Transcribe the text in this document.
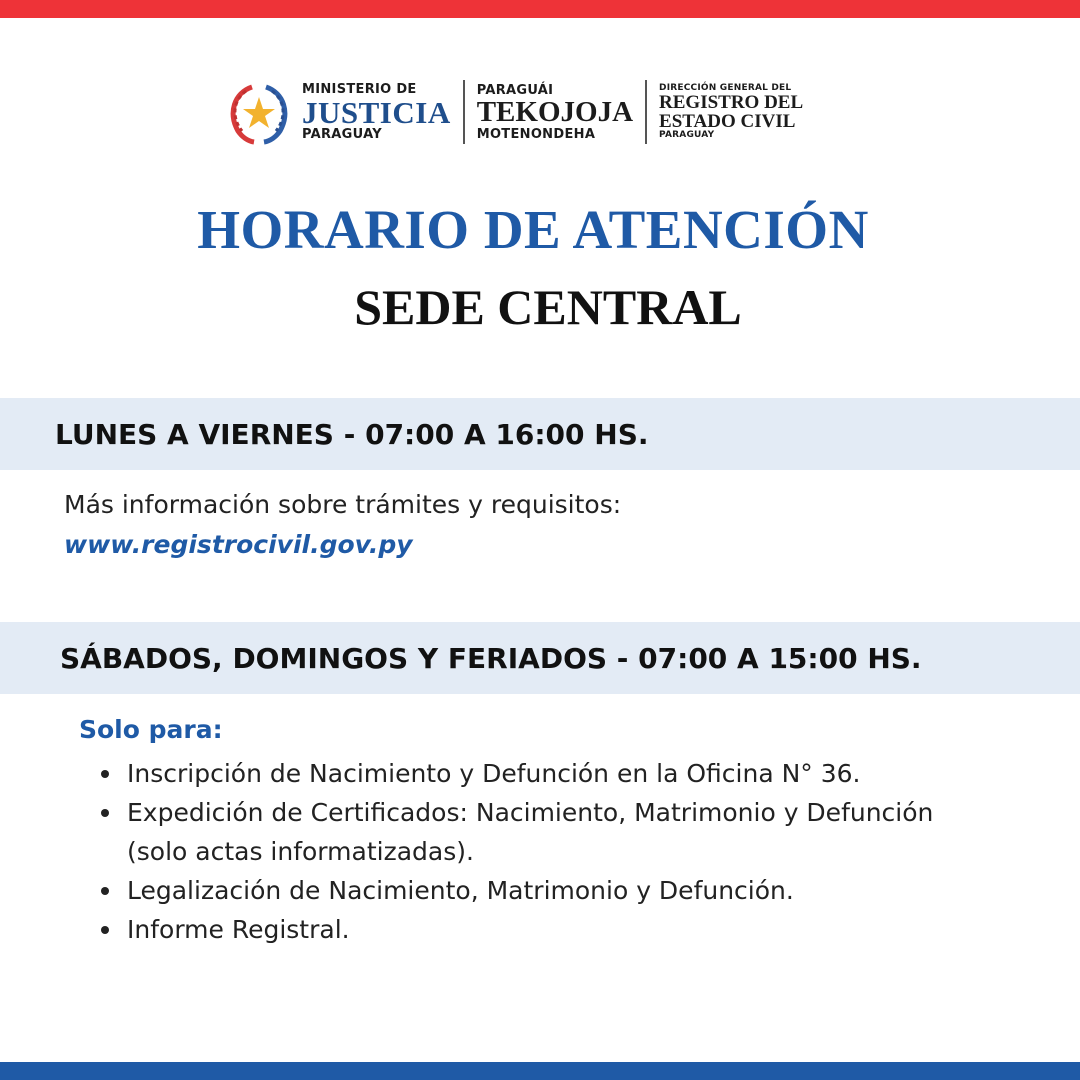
MINISTERIO DE
JUSTICIA
PARAGUAY
PARAGUÁI
TEKOJOJA
MOTENONDEHA
DIRECCIÓN GENERAL DEL
REGISTRO DEL
ESTADO CIVIL
PARAGUAY
HORARIO DE ATENCIÓN
SEDE CENTRAL
LUNES A VIERNES - 07:00 A 16:00 HS.
Más información sobre trámites y requisitos:
www.registrocivil.gov.py
SÁBADOS, DOMINGOS Y FERIADOS - 07:00 A 15:00 HS.
Solo para:
Inscripción de Nacimiento y Defunción en la Oficina N° 36.
Expedición de Certificados: Nacimiento, Matrimonio y Defunción (solo actas informatizadas).
Legalización de Nacimiento, Matrimonio y Defunción.
Informe Registral.
